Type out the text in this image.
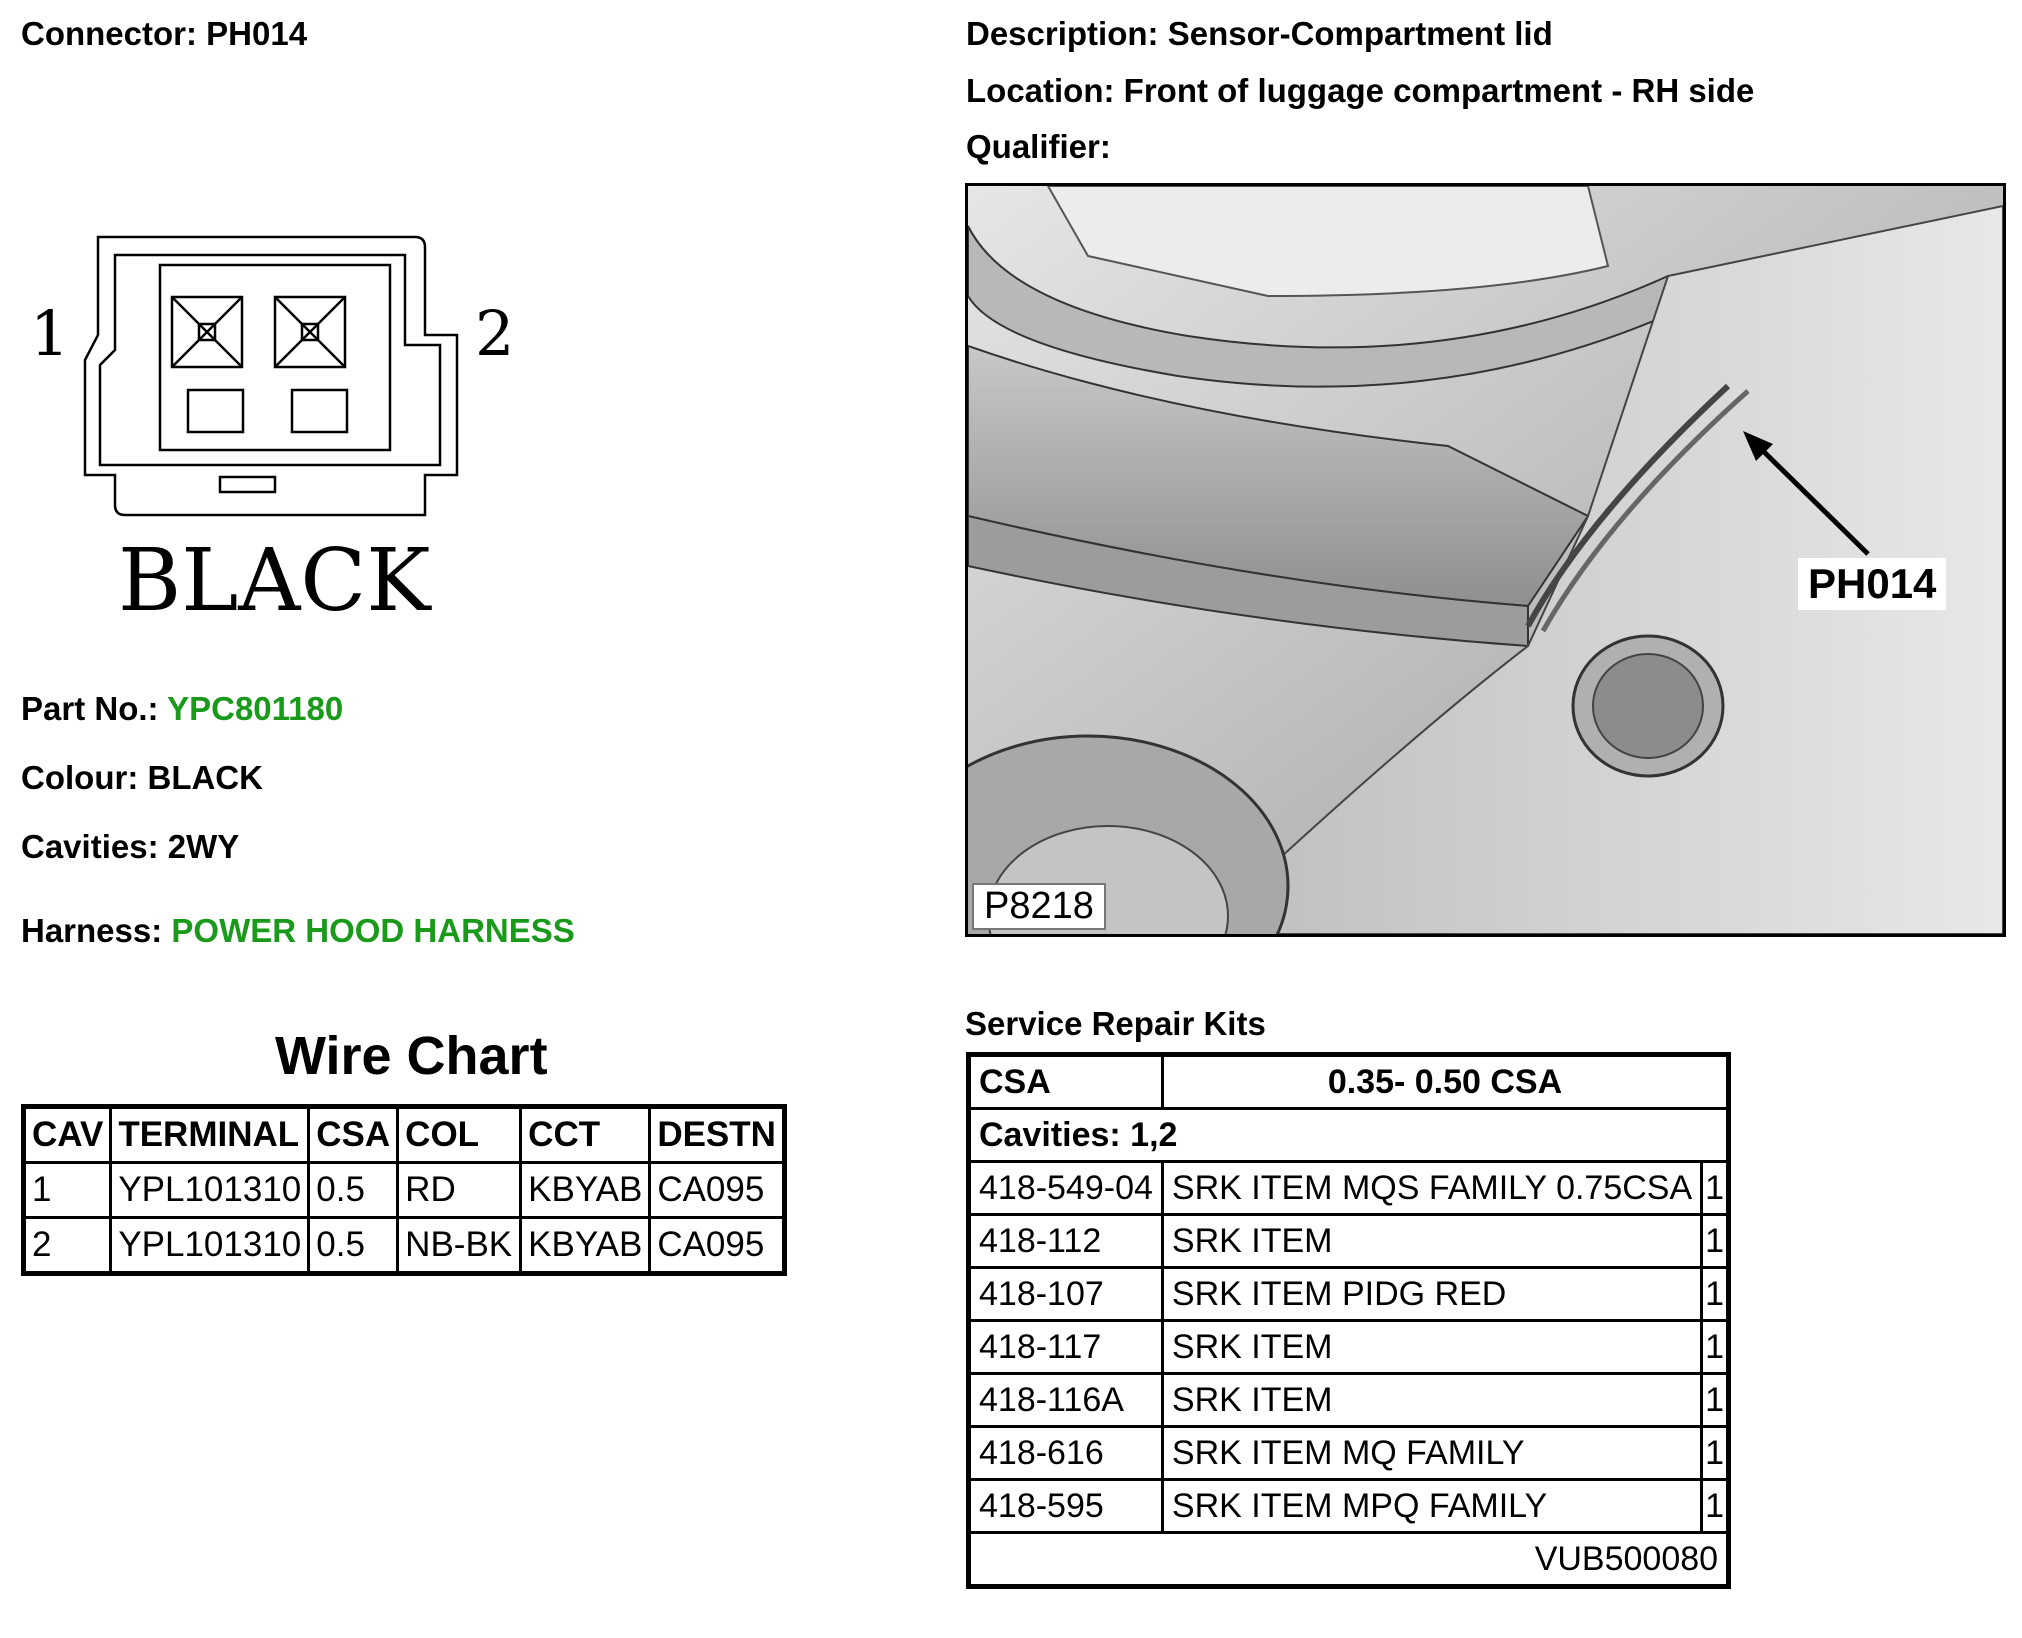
Connector: PH014	Description: Sensor-Compartment lid
Location: Front of luggage compartment - RH side
Qualifier:
1	2
BLACK
Part No.: YPC801180
Colour: BLACK
Cavities: 2WY
Harness: POWER HOOD HARNESS
Wire Chart
CAV	TERMINAL	CSA	COL	CCT	DESTN
1	YPL101310	0.5	RD	KBYAB	CA095
2	YPL101310	0.5	NB-BK	KBYAB	CA095
PH014
P8218
Service Repair Kits
CSA	0.35- 0.50 CSA	
Cavities: 1,2		
418-549-04	SRK ITEM MQS FAMILY 0.75CSA	1
418-112	SRK ITEM	1
418-107	SRK ITEM PIDG RED	1
418-117	SRK ITEM	1
418-116A	SRK ITEM	1
418-616	SRK ITEM MQ FAMILY	1
418-595	SRK ITEM MPQ FAMILY	1
VUB500080		
